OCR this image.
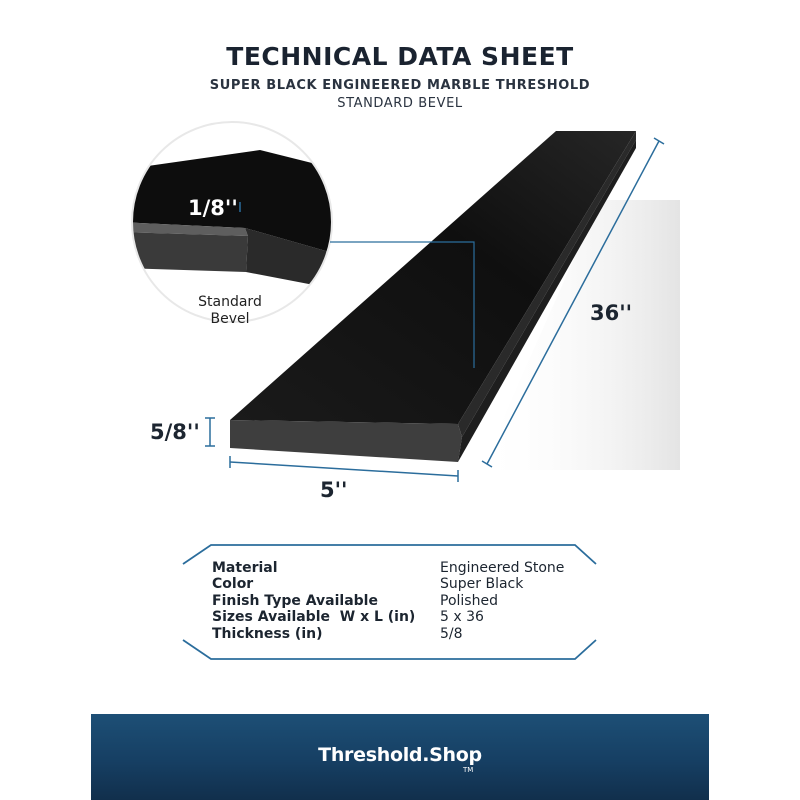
TECHNICAL DATA SHEET
SUPER BLACK ENGINEERED MARBLE THRESHOLD
STANDARD BEVEL
1/8''
Standard
Bevel	36''
5/8''
5''
Material	Engineered Stone
Color	Super Black
Finish Type Available	Polished
Sizes Available  W x L (in)	5 x 36
Thickness (in)	5/8
Threshold.Shop
TM
